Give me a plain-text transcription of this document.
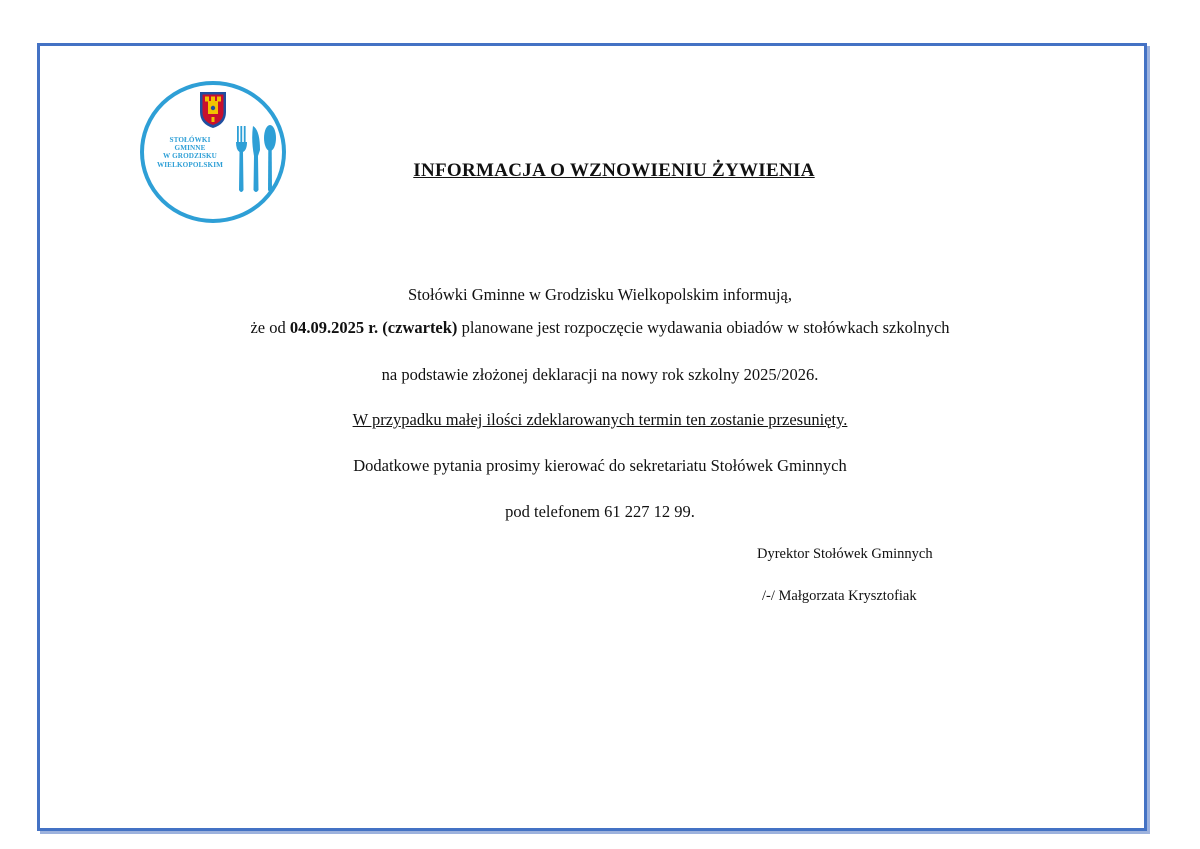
STOŁÓWKI
GMINNE
W GRODZISKU
WIELKOPOLSKIM	INFORMACJA O WZNOWIENIU ŻYWIENIA
Stołówki Gminne w Grodzisku Wielkopolskim informują,
że od 04.09.2025 r. (czwartek) planowane jest rozpoczęcie wydawania obiadów w stołówkach szkolnych
na podstawie złożonej deklaracji na nowy rok szkolny 2025/2026.
W przypadku małej ilości zdeklarowanych termin ten zostanie przesunięty.
Dodatkowe pytania prosimy kierować do sekretariatu Stołówek Gminnych
pod telefonem 61 227 12 99.
Dyrektor Stołówek Gminnych
/-/ Małgorzata Krysztofiak
